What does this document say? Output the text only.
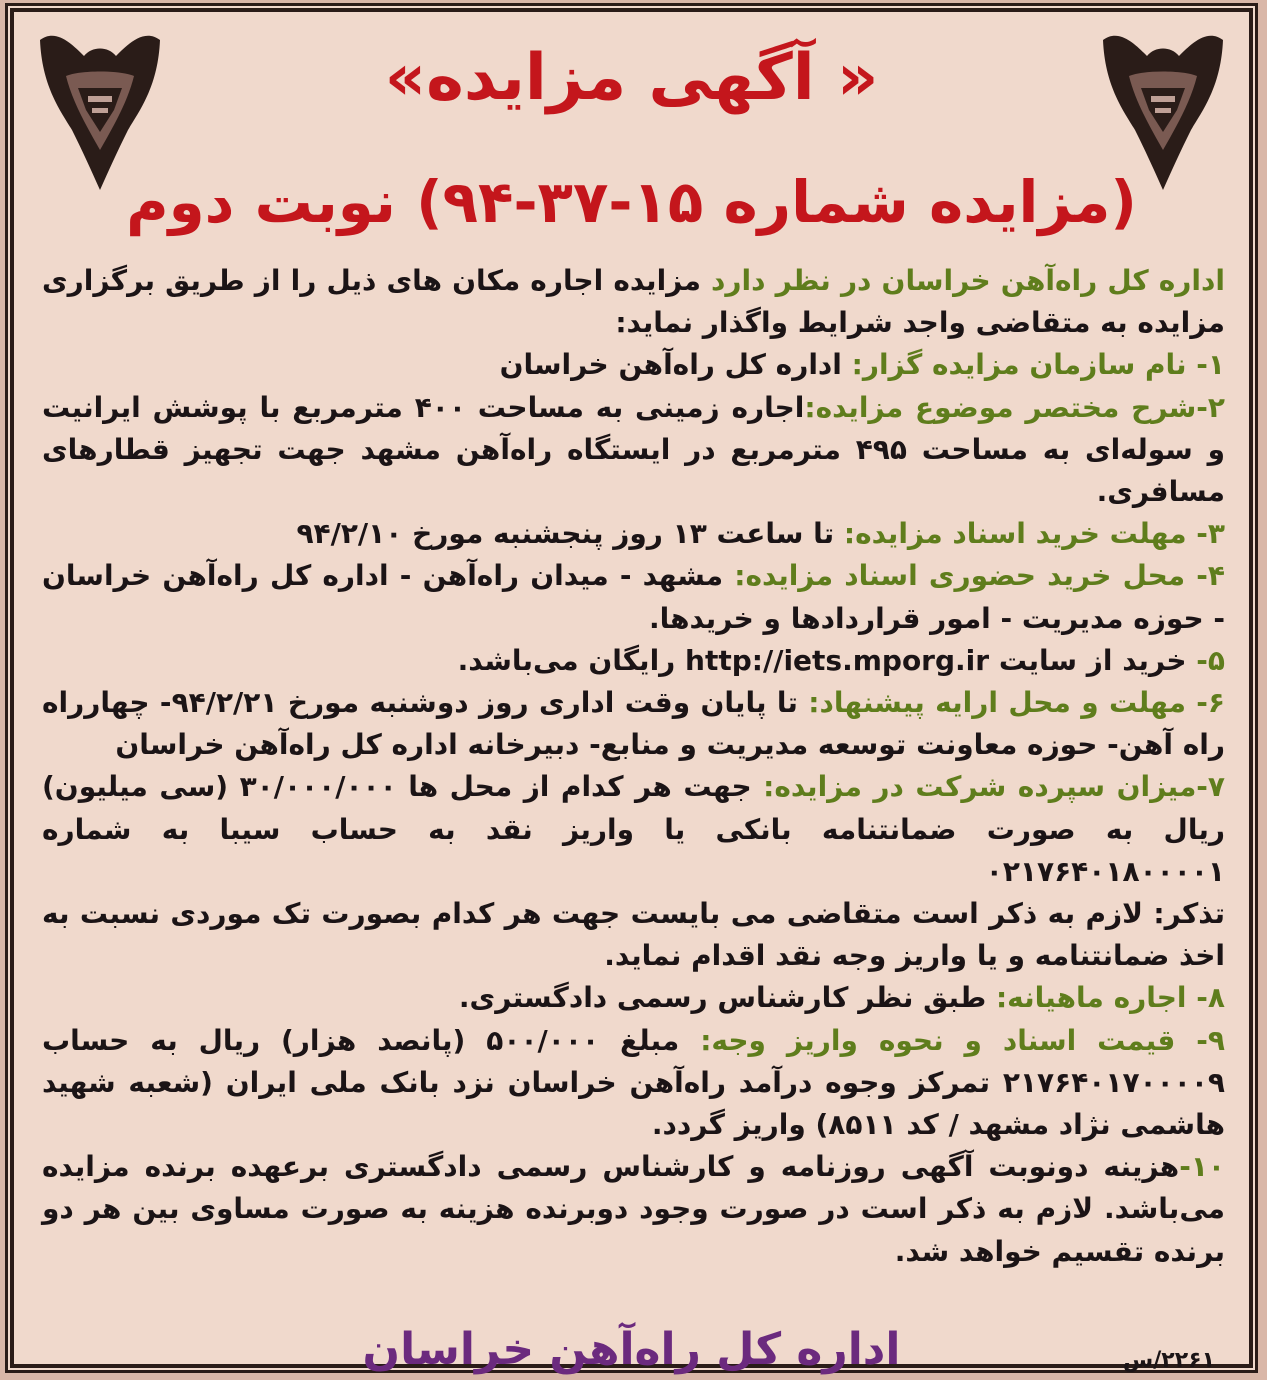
« آگهی مزایده»
(مزایده شماره ۱۵-۳۷-۹۴) نوبت دوم

اداره کل راه‌آهن خراسان در نظر دارد مزایده اجاره مکان های ذیل را از طریق برگزاری مزایده به متقاضی واجد شرایط واگذار نماید:

۱- نام سازمان مزایده گزار: اداره کل راه‌آهن خراسان

۲-شرح مختصر موضوع مزایده:اجاره زمینی به مساحت ۴۰۰ مترمربع با پوشش ایرانیت و سوله‌ای به مساحت ۴۹۵ مترمربع در ایستگاه راه‌آهن مشهد جهت تجهیز قطارهای مسافری.

۳- مهلت خرید اسناد مزایده: تا ساعت ۱۳ روز پنجشنبه مورخ ۹۴/۲/۱۰

۴- محل خرید حضوری اسناد مزایده: مشهد - میدان راه‌آهن - اداره کل راه‌آهن خراسان - حوزه مدیریت - امور قراردادها و خریدها.

۵- خرید از سایت http://iets.mporg.ir رایگان می‌باشد.

۶- مهلت و محل ارایه پیشنهاد: تا پایان وقت اداری روز دوشنبه مورخ ۹۴/۲/۲۱- چهارراه راه آهن- حوزه معاونت توسعه مدیریت و منابع- دبیرخانه اداره کل راه‌آهن خراسان

۷-میزان سپرده شرکت در مزایده: جهت هر کدام از محل ها ۳۰/۰۰۰/۰۰۰ (سی میلیون) ریال به صورت ضمانتنامه بانکی یا واریز نقد به حساب سیبا به شماره ۰۲۱۷۶۴۰۱۸۰۰۰۰۱

تذکر: لازم به ذکر است متقاضی می بایست جهت هر کدام بصورت تک موردی نسبت به اخذ ضمانتنامه و یا واریز وجه نقد اقدام نماید.

۸- اجاره ماهیانه: طبق نظر کارشناس رسمی دادگستری.

۹- قیمت اسناد و نحوه واریز وجه: مبلغ ۵۰۰/۰۰۰ (پانصد هزار) ریال به حساب ۲۱۷۶۴۰۱۷۰۰۰۰۹ تمرکز وجوه درآمد راه‌آهن خراسان نزد بانک ملی ایران (شعبه شهید هاشمی نژاد مشهد / کد ۸۵۱۱) واریز گردد.

۱۰-هزینه دونوبت آگهی روزنامه و کارشناس رسمی دادگستری برعهده برنده مزایده می‌باشد. لازم به ذکر است در صورت وجود دوبرنده هزینه به صورت مساوی بین هر دو برنده تقسیم خواهد شد.

اداره کل راه‌آهن خراسان	۲۲۶۱/س
